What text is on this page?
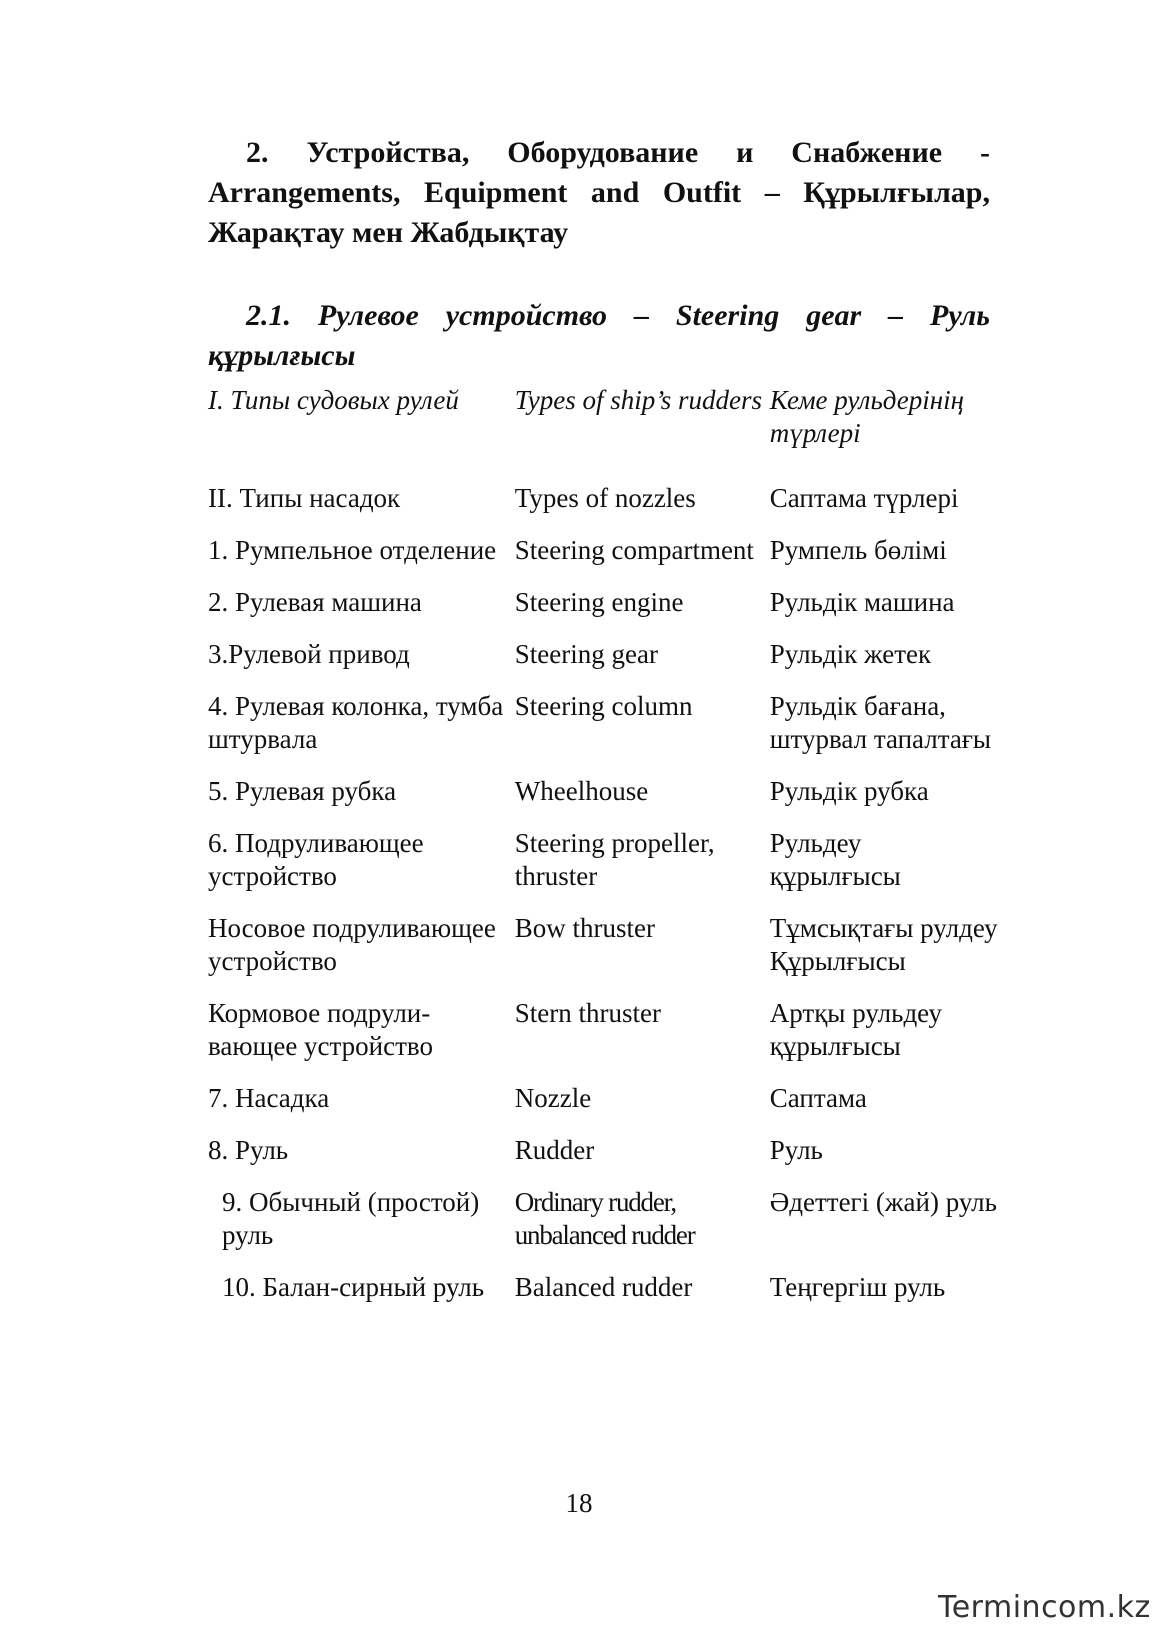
2. Устройства, Оборудование и Снабжение - Arrangements, Equipment and Outfit – Құрылғылар, Жарақтау мен Жабдықтау
2.1. Рулевое устройство – Steering gear – Руль құрылғысы
I. Типы судовых рулей	Types of ship’s rudders	Кеме рульдерінің түрлері
II. Типы насадок	Types of nozzles	Саптама түрлері
1. Румпельное отделение	Steering compartment	Румпель бөлімі
2. Рулевая машина	Steering engine	Рульдік машина
3.Рулевой привод	Steering gear	Рульдік жетек
4. Рулевая колонка, тумба штурвала	Steering column	Рульдік бағана, штурвал тапалтағы
5. Рулевая рубка	Wheelhouse	Рульдік рубка
6. Подруливающее устройство	Steering propeller, thruster	Рульдеу құрылғысы
Носовое подруливающее устройство	Bow thruster	Тұмсықтағы рулдеу Құрылғысы
Кормовое подрули-вающее устройство	Stern thruster	Артқы рульдеу құрылғысы
7. Насадка	Nozzle	Саптама
8. Руль	Rudder	Руль
9. Обычный (простой) руль	Ordinary rudder, unbalanced rudder	Әдеттегі (жай) руль
10. Балан-сирный руль	Balanced rudder	Теңгергіш руль
18
Termincom.kz
